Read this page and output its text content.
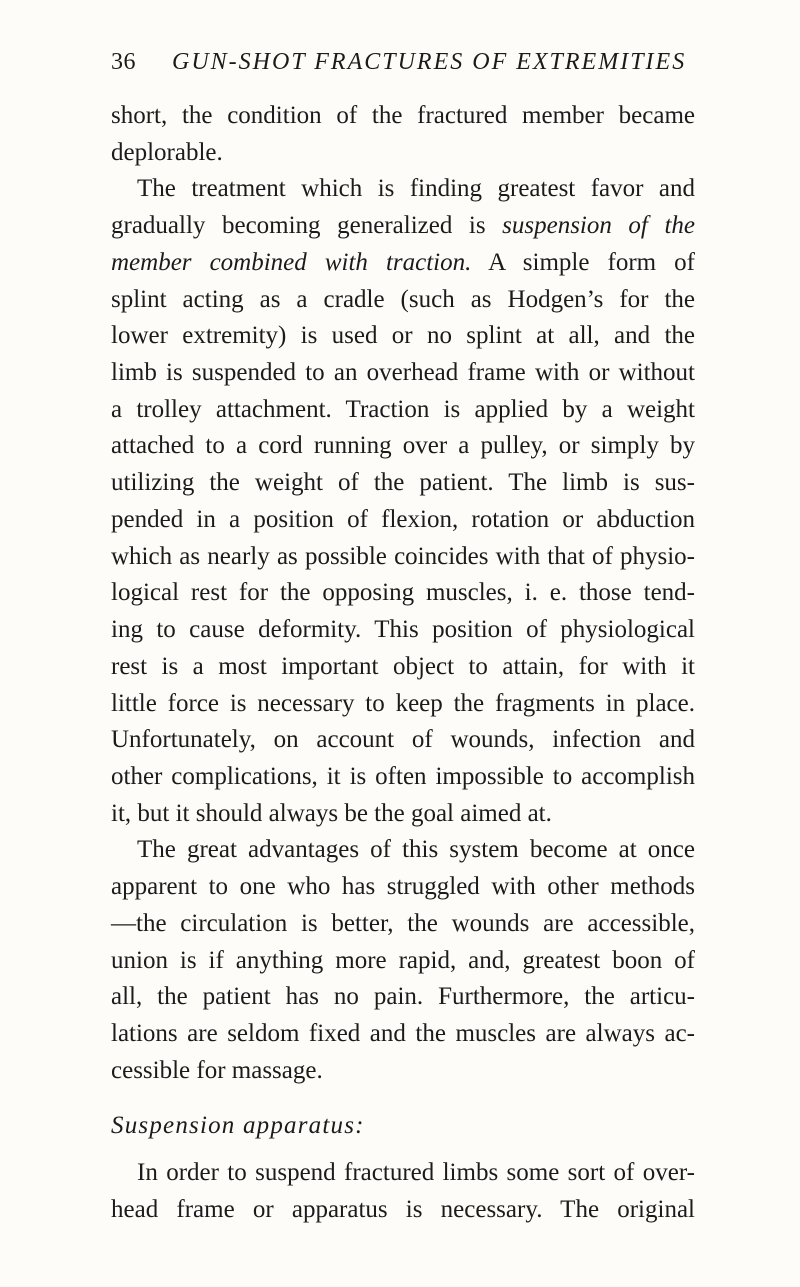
36 GUN-SHOT FRACTURES OF EXTREMITIES
short, the condition of the fractured member became
deplorable.
The treatment which is finding greatest favor and
gradually becoming generalized is suspension of the
member combined with traction. A simple form of
splint acting as a cradle (such as Hodgen’s for the
lower extremity) is used or no splint at all, and the
limb is suspended to an overhead frame with or without
a trolley attachment. Traction is applied by a weight
attached to a cord running over a pulley, or simply by
utilizing the weight of the patient. The limb is sus-
pended in a position of flexion, rotation or abduction
which as nearly as possible coincides with that of physio-
logical rest for the opposing muscles, i. e. those tend-
ing to cause deformity. This position of physiological
rest is a most important object to attain, for with it
little force is necessary to keep the fragments in place.
Unfortunately, on account of wounds, infection and
other complications, it is often impossible to accomplish
it, but it should always be the goal aimed at.
The great advantages of this system become at once
apparent to one who has struggled with other methods
—the circulation is better, the wounds are accessible,
union is if anything more rapid, and, greatest boon of
all, the patient has no pain. Furthermore, the articu-
lations are seldom fixed and the muscles are always ac-
cessible for massage.
Suspension apparatus:
In order to suspend fractured limbs some sort of over-
head frame or apparatus is necessary. The original
